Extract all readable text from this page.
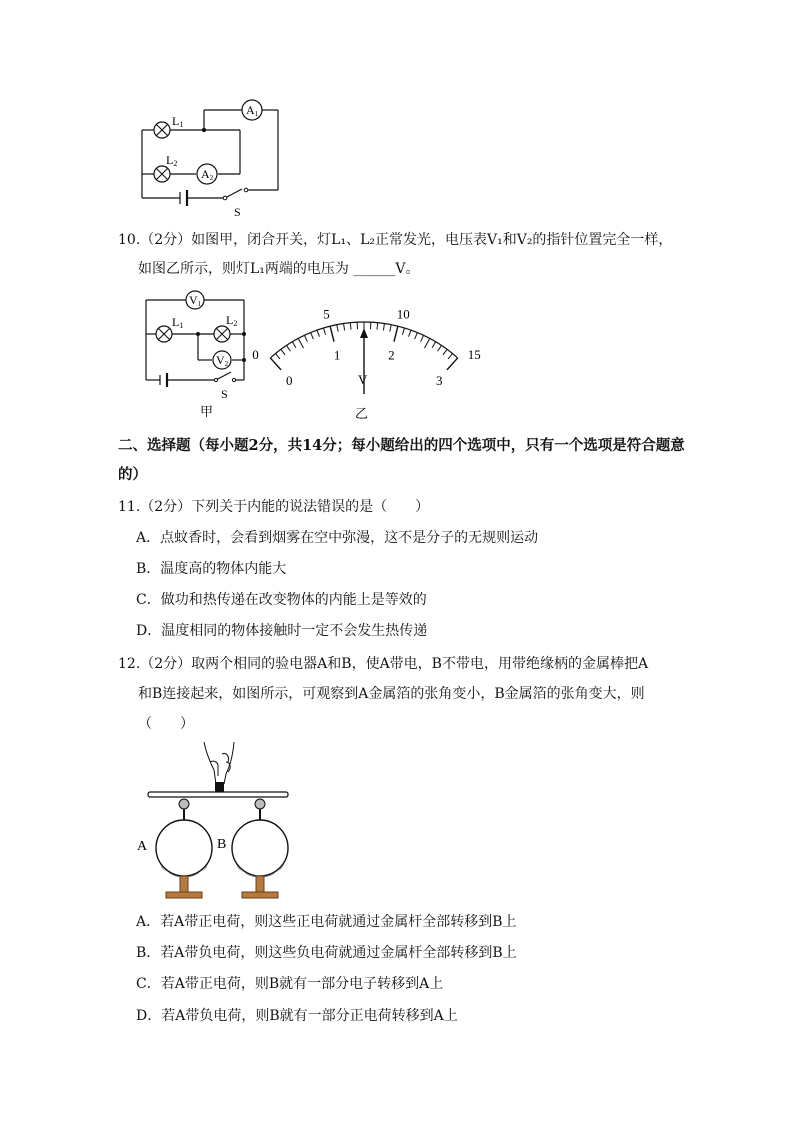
L1
L2
A1
A2
S
10.（2分）如图甲，闭合开关，灯L₁、L₂正常发光，电压表V₁和V₂的指针位置完全一样，
如图乙所示，则灯L₁两端的电压为 ______V。
V1
L1	L2
V2
S
甲
0
5	10
15
0
1	2
3
V
乙
二、选择题（每小题2分，共14分；每小题给出的四个选项中，只有一个选项是符合题意
的）
11.（2分）下列关于内能的说法错误的是（　　）
A．点蚊香时，会看到烟雾在空中弥漫，这不是分子的无规则运动
B．温度高的物体内能大
C．做功和热传递在改变物体的内能上是等效的
D．温度相同的物体接触时一定不会发生热传递
12.（2分）取两个相同的验电器A和B，使A带电，B不带电，用带绝缘柄的金属棒把A
和B连接起来，如图所示，可观察到A金属箔的张角变小，B金属箔的张角变大，则
（　　）
A	B
A．若A带正电荷，则这些正电荷就通过金属杆全部转移到B上
B．若A带负电荷，则这些负电荷就通过金属杆全部转移到B上
C．若A带正电荷，则B就有一部分电子转移到A上
D．若A带负电荷，则B就有一部分正电荷转移到A上
